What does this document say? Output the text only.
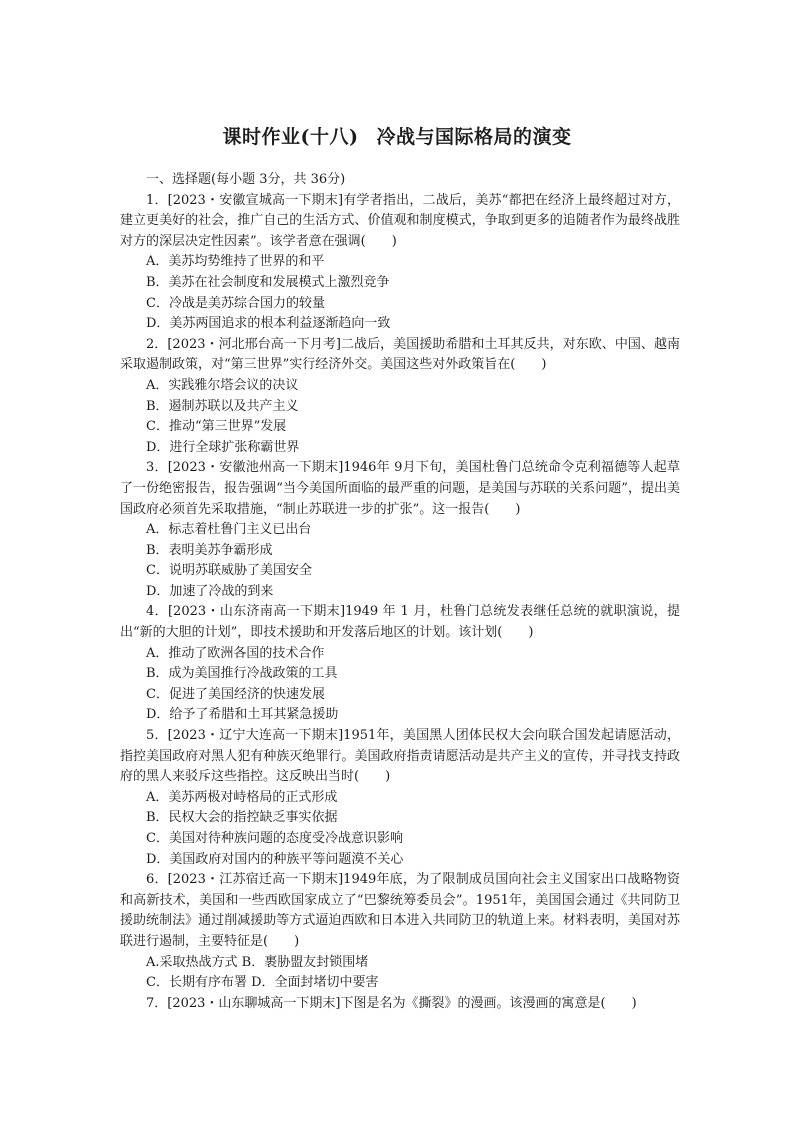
课时作业(十八) 冷战与国际格局的演变
一、选择题(每小题 3分，共 36分)
1．[2023・安徽宣城高一下期末]有学者指出，二战后，美苏“都把在经济上最终超过对方，建立更美好的社会，推广自己的生活方式、价值观和制度模式，争取到更多的追随者作为最终战胜对方的深层决定性因素”。该学者意在强调(　　)
A．美苏均势维持了世界的和平
B．美苏在社会制度和发展模式上激烈竞争
C．冷战是美苏综合国力的较量
D．美苏两国追求的根本利益逐渐趋向一致
2．[2023・河北邢台高一下月考]二战后，美国援助希腊和土耳其反共，对东欧、中国、越南采取遏制政策，对“第三世界”实行经济外交。美国这些对外政策旨在(　　)
A．实践雅尔塔会议的决议
B．遏制苏联以及共产主义
C．推动“第三世界”发展
D．进行全球扩张称霸世界
3．[2023・安徽池州高一下期末]1946年 9月下旬，美国杜鲁门总统命令克利福德等人起草了一份绝密报告，报告强调“当今美国所面临的最严重的问题，是美国与苏联的关系问题”，提出美国政府必须首先采取措施，“制止苏联进一步的扩张”。这一报告(　　)
A．标志着杜鲁门主义已出台
B．表明美苏争霸形成
C．说明苏联威胁了美国安全
D．加速了冷战的到来
4．[2023・山东济南高一下期末]1949 年 1 月，杜鲁门总统发表继任总统的就职演说，提出“新的大胆的计划”，即技术援助和开发落后地区的计划。该计划(　　)
A．推动了欧洲各国的技术合作
B．成为美国推行冷战政策的工具
C．促进了美国经济的快速发展
D．给予了希腊和土耳其紧急援助
5．[2023・辽宁大连高一下期末]1951年，美国黑人团体民权大会向联合国发起请愿活动，指控美国政府对黑人犯有种族灭绝罪行。美国政府指责请愿活动是共产主义的宣传，并寻找支持政府的黑人来驳斥这些指控。这反映出当时(　　)
A．美苏两极对峙格局的正式形成
B．民权大会的指控缺乏事实依据
C．美国对待种族问题的态度受冷战意识影响
D．美国政府对国内的种族平等问题漠不关心
6．[2023・江苏宿迁高一下期末]1949年底，为了限制成员国向社会主义国家出口战略物资和高新技术，美国和一些西欧国家成立了“巴黎统筹委员会”。1951年，美国国会通过《共同防卫援助统制法》通过削减援助等方式逼迫西欧和日本进入共同防卫的轨道上来。材料表明，美国对苏联进行遏制，主要特征是(　　)
A.采取热战方式 B．裹胁盟友封锁围堵
C．长期有序布署 D．全面封堵切中要害
7．[2023・山东聊城高一下期末]下图是名为《撕裂》的漫画。该漫画的寓意是(　　)
